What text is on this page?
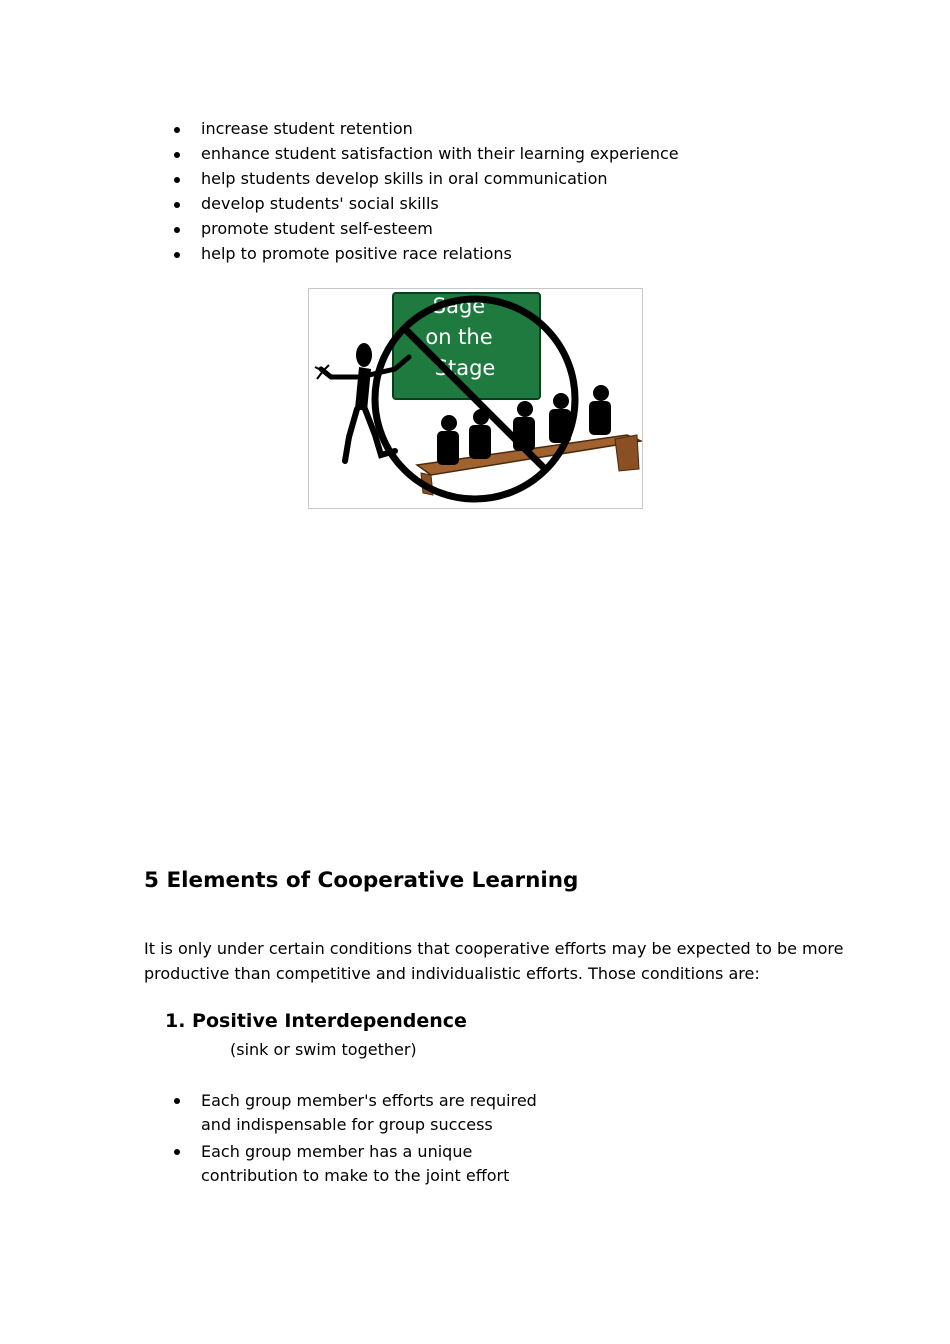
increase student retention
enhance student satisfaction with their learning experience
help students develop skills in oral communication
develop students' social skills
promote student self-esteem
help to promote positive race relations
Sage
on the
Stage
5 Elements of Cooperative Learning

It is only under certain conditions that cooperative efforts may be expected to be more productive than competitive and individualistic efforts. Those conditions are:

1. Positive Interdependence

(sink or swim together)

Each group member's efforts are required and indispensable for group success
Each group member has a unique contribution to make to the joint effort
